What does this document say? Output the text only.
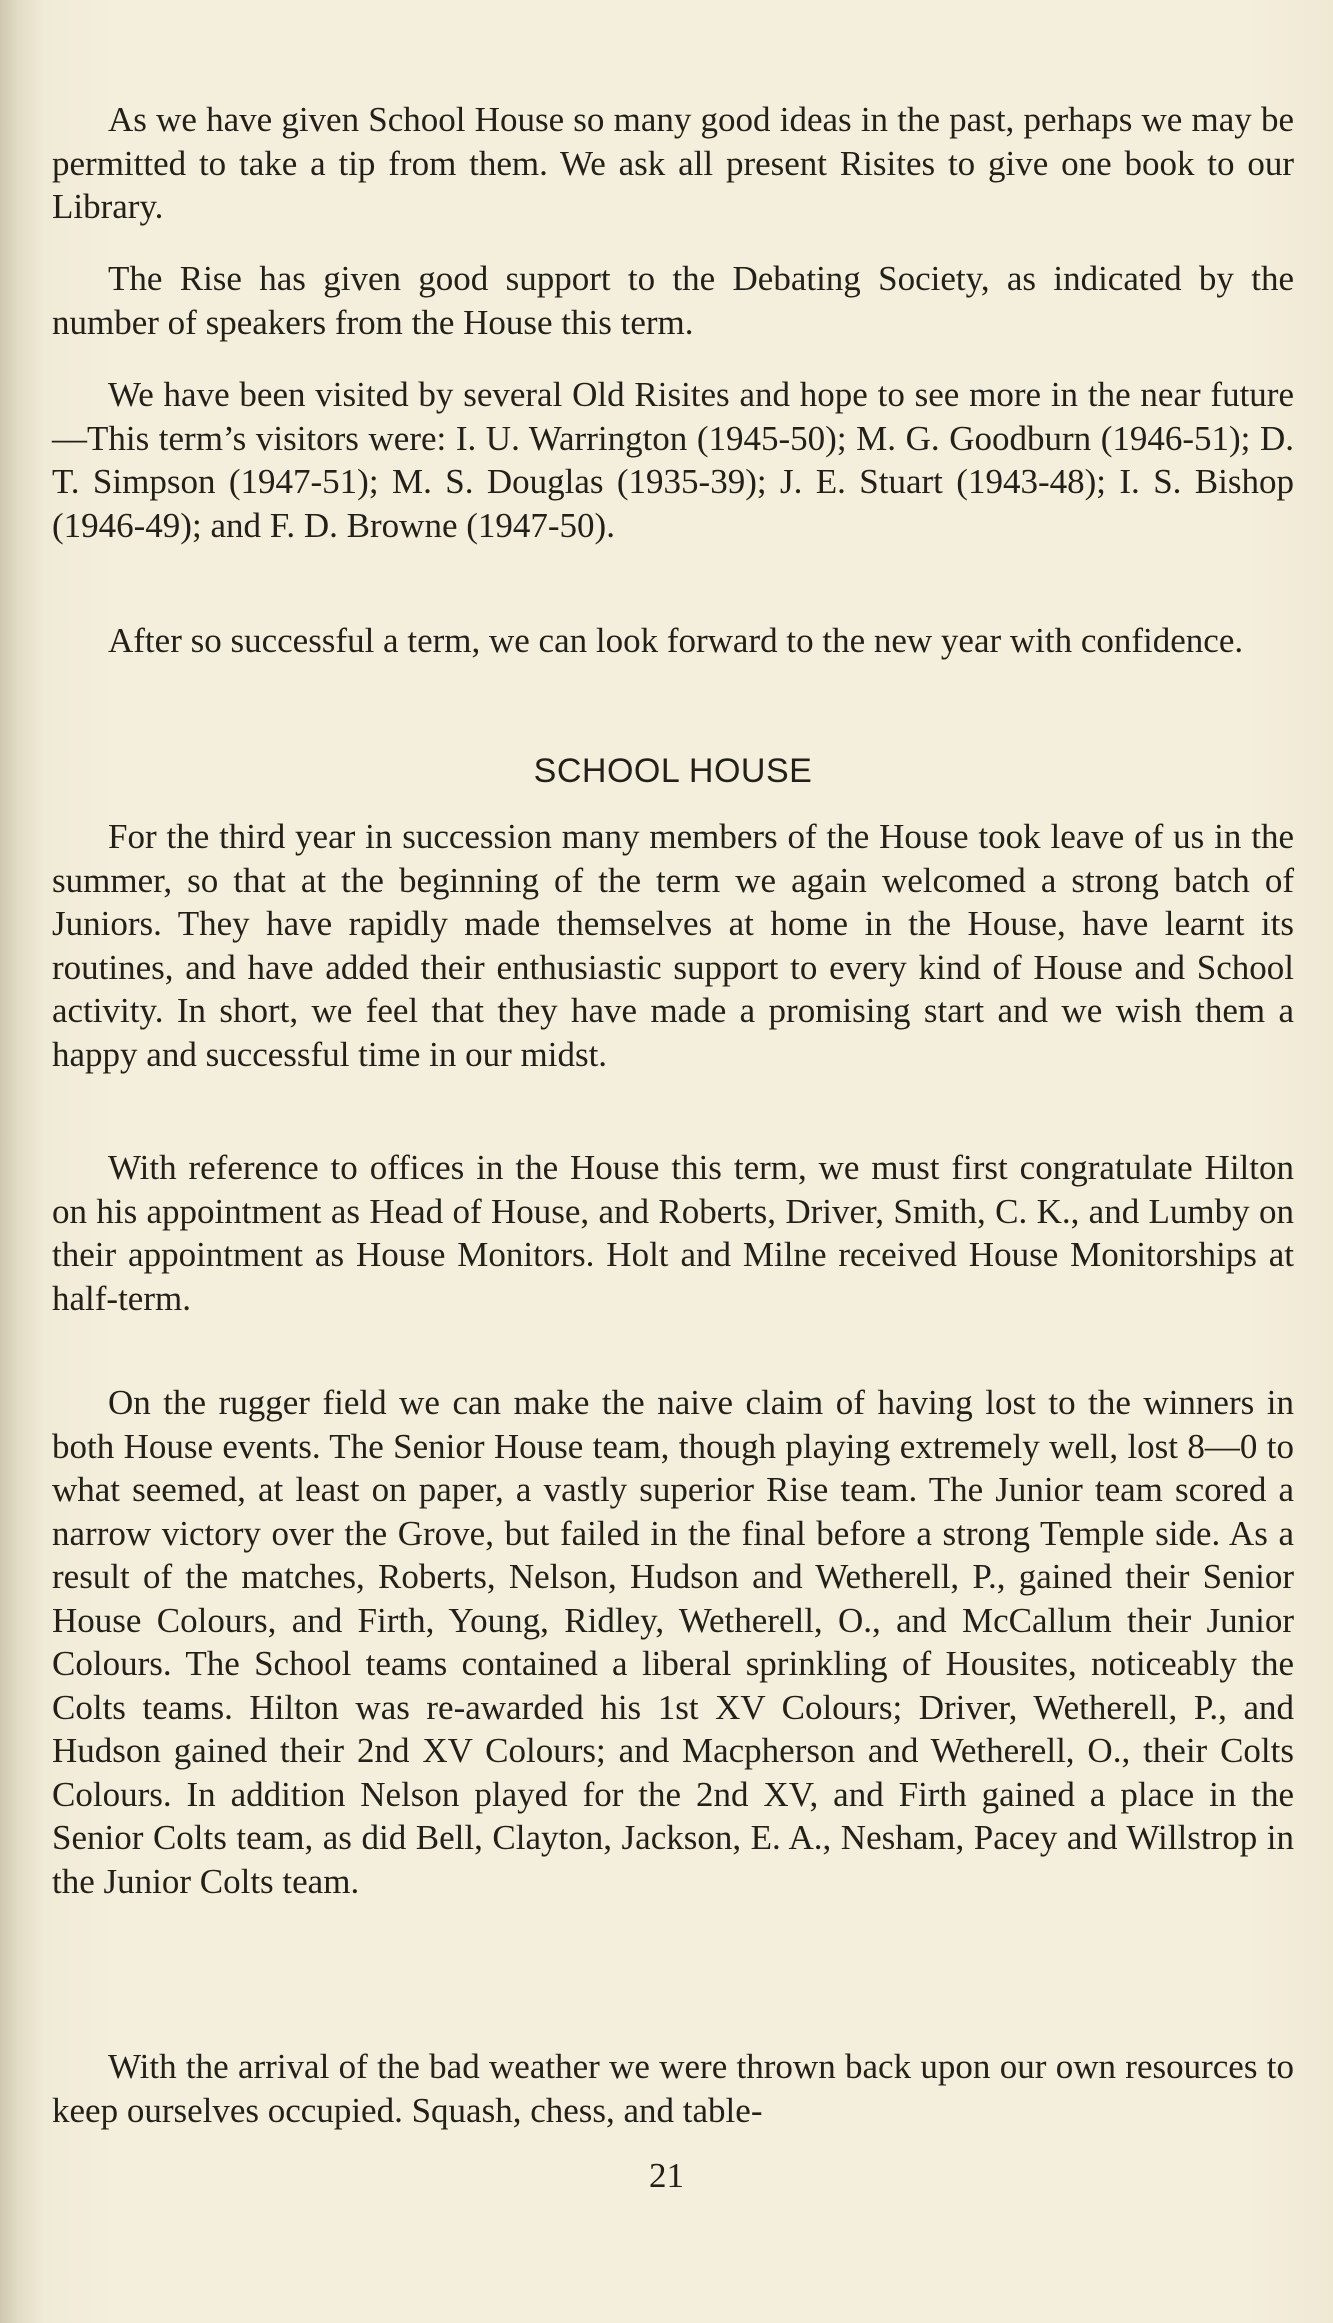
As we have given School House so many good ideas in the past, perhaps we may be permitted to take a tip from them. We ask all present Risites to give one book to our Library.

The Rise has given good support to the Debating Society, as indicated by the number of speakers from the House this term.

We have been visited by several Old Risites and hope to see more in the near future—This term’s visitors were: I. U. Warrington (1945-50); M. G. Goodburn (1946-51); D. T. Simpson (1947-51); M. S. Douglas (1935-39); J. E. Stuart (1943-48); I. S. Bishop (1946-49); and F. D. Browne (1947-50).

After so successful a term, we can look forward to the new year with confidence.

SCHOOL HOUSE

For the third year in succession many members of the House took leave of us in the summer, so that at the beginning of the term we again welcomed a strong batch of Juniors. They have rapidly made themselves at home in the House, have learnt its routines, and have added their enthusiastic support to every kind of House and School activity. In short, we feel that they have made a promising start and we wish them a happy and successful time in our midst.

With reference to offices in the House this term, we must first congratulate Hilton on his appointment as Head of House, and Roberts, Driver, Smith, C. K., and Lumby on their appointment as House Monitors. Holt and Milne received House Monitorships at half-term.

On the rugger field we can make the naive claim of having lost to the winners in both House events. The Senior House team, though playing extremely well, lost 8—0 to what seemed, at least on paper, a vastly superior Rise team. The Junior team scored a narrow victory over the Grove, but failed in the final before a strong Temple side. As a result of the matches, Roberts, Nelson, Hudson and Wetherell, P., gained their Senior House Colours, and Firth, Young, Ridley, Wetherell, O., and McCallum their Junior Colours. The School teams contained a liberal sprinkling of Housites, noticeably the Colts teams. Hilton was re-awarded his 1st XV Colours; Driver, Wetherell, P., and Hudson gained their 2nd XV Colours; and Macpherson and Wetherell, O., their Colts Colours. In addition Nelson played for the 2nd XV, and Firth gained a place in the Senior Colts team, as did Bell, Clayton, Jackson, E. A., Nesham, Pacey and Willstrop in the Junior Colts team.

With the arrival of the bad weather we were thrown back upon our own resources to keep ourselves occupied. Squash, chess, and table-

21
